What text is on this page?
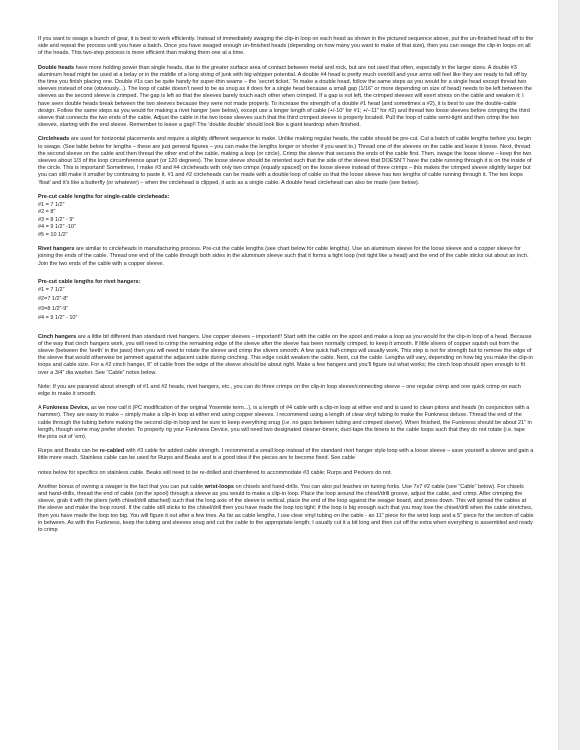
If you want to swage a bunch of gear, it is best to work efficiently. Instead of immediately swaging the clip-in loop on each head as shown in the pictured sequence above, put the un-finished head off to the side and repeat the process until you have a batch. Once you have swaged enough un-finished heads (depending on how many you want to make of that size), then you can swage the clip-in loops on all of the heads. This two-step process is more efficient than making them one at a time.

Double heads have more holding power than single heads, due to the greater surface area of contact between metal and rock, but are not used that often, especially in the larger sizes. A double #3 aluminum head might be used at a belay or in the middle of a long string of junk with big whipper potential. A double #4 head is pretty much overkill and your arms will feel like they are ready to fall off by the time you finish placing one. Double #1s can be quite handy for super-thin seams – the ‘secret ticket.’ To make a double head, follow the same steps as you would for a single head except thread two sleeves instead of one (obviously...). The loop of cable doesn’t need to be as snug as it does for a single head because a small gap (1/16” or more depending on size of head) needs to be left between the sleeves as the second sleeve is crimped. The gap is left so that the sleeves barely touch each other when crimped. If a gap is not left, the crimped sleeves will exert stress on the cable and weaken it; I have seen double heads break between the two sleeves because they were not made properly. To increase the strength of a double #1 head (and sometimes a #2), it is best to use the double-cable design. Follow the same steps as you would for making a rivet hanger (see below), except use a longer length of cable (+/-10” for #1; +/--11” for #2) and thread two loose sleeves before crimping the third sleeve that connects the two ends of the cable. Adjust the cable in the two loose sleeves such that the third crimped sleeve is properly located. Pull the loop of cable semi-tight and then crimp the two sleeves, starting with the end sleeve. Remember to leave a gap!! The ‘double double’ should look like a giant teardrop when finished.

Circleheads are used for horizontal placements and require a slightly different sequence to make. Unlike making regular heads, the cable should be pre-cut. Cut a batch of cable lengths before you begin to swage. (See table below for lengths – these are just general figures – you can make the lengths longer or shorter if you want to.) Thread one of the sleeves on the cable and leave it loose. Next, thread the second sleeve on the cable and then thread the other end of the cable, making a loop (or circle). Crimp the sleeve that secures the ends of the cable first. Then, swage the loose sleeve – keep the two sleeves about 1/3 of the loop circumference apart (or 120 degrees). The loose sleeve should be oriented such that the side of the sleeve that DOESN’T have the cable running through it is on the inside of the circle. This is important! Sometimes, I make #3 and #4 circleheads with only two crimps (equally spaced) on the loose sleeve instead of three crimps – this makes the crimped sleeve slightly larger but you can still make it smaller by continuing to paste it. #1 and #2 circleheads can be made with a double loop of cable so that the loose sleeve has two lengths of cable running through it. The two loops ‘float’ and it’s like a butterfly (or whatever) – when the circlehead is clipped, it acts as a single cable. A double head circlehead can also be made (see below).

Pre-cut cable lengths for single-cable circleheads:
#1 = 7 1/2”
#2 = 8”
#3 = 8 1/2” - 9”
#4 = 9 1/2” -10”
#5 = 10 1/2”

Rivet hangers are similar to circleheads in manufacturing process. Pre-cut the cable lengths (see chart below for cable lengths). Use an aluminum sleeve for the loose sleeve and a copper sleeve for joining the ends of the cable. Thread one end of the cable through both sides in the aluminum sleeve such that it forms a tight loop (not tight like a head) and the end of the cable sticks out about an inch. Join the two ends of the cable with a copper sleeve.

Pre-cut cable lengths for rivet hangers:
#1 = 7 1/2”
#2=7 1/2”-8”
#3=8 1/2”-9”
#4 = 9 1/2” - 10”

Cinch hangers are a little bit different than standard rivet hangers. Use copper sleeves – important!! Start with the cable on the spool and make a loop as you would for the clip-in loop of a head. Because of the way that cinch hangers work, you will need to crimp the remaining edge of the sleeve after the sleeve has been normally crimped, to keep it smooth. If little slivers of copper squish out from the sleeve (between the ‘teeth’ in the jaws) then you will need to rotate the sleeve and crimp the slivers smooth. A few quick half-crimps will usually work. This step is not for strength but to remove the edge of the sleeve that would otherwise be jammed against the adjacent cable during cinching. This edge could weaken the cable. Next, cut the cable. Lengths will vary, depending on how big you make the clip-in loops and cable size. For a #2 cinch hanger, 8” of cable from the edge of the sleeve should be about right. Make a few hangers and you’ll figure out what works; the cinch loop should open enough to fit over a 3/4” dia washer. See “Cable” notes below.

Note: If you are paranoid about strength of #1 and #2 heads, rivet hangers, etc., you can do three crimps on the clip-in loop sleeve/connecting sleeve – one regular crimp and one quick crimp on each edge to make it smooth.

A Funkness Device, as we now call it (PC modification of the original Yosemite term...), is a length of #4 cable with a clip-in loop at either end and is used to clean pitons and heads (in conjunction with a hammer). They are easy to make – simply make a clip-in loop at either end using copper sleeves. I recommend using a length of clear vinyl tubing to make the Funkness deluxe. Thread the end of the cable through the tubing before making the second clip-in loop and be sure to keep everything snug (i.e. no gaps between tubing and crimped sleeve). When finished, the Funkness should be about 21” in length, though some may prefer shorter. To properly rig your Funkness Device, you will need two designated cleaner-biners; duct-tape the biners to the cable loops such that they do not rotate (i.e. tape the pins out of ’em).

Rurps and Beaks can be re-cabled with #3 cable for added cable strength. I recommend a small loop instead of the standard rivet hanger style loop with a loose sleeve – save yourself a sleeve and gain a little more reach. Stainless cable can be used for Rurps and Beaks and is a good idea if the pieces are to become fixed. See cable

notes below for specifics on stainless cable. Beaks will need to be re-drilled and chamfered to accommodate #3 cable; Rurps and Peckers do not.

Another bonus of owning a swager is the fact that you can put cable wrist-loops on chisels and hand-drills. You can also put leashes on tuning forks. Use 7x7 #2 cable (see “Cable” below). For chisels and hand-drills, thread the end of cable (on the spool) through a sleeve as you would to make a clip-in loop. Place the loop around the chisel/drill groove, adjust the cable, and crimp. After crimping the sleeve, grab it with the pliers (with chisel/drill attached) such that the long axis of the sleeve is vertical, place the end of the loop against the swager board, and press down. This will spread the cables at the sleeve and make the loop round. If the cable still sticks to the chisel/drill then you have made the loop too tight; if the loop is big enough such that you may lose the chisel/drill when the cable stretches, then you have made the loop too big. You will figure it out after a few tries. As far as cable lengths, I use clear vinyl tubing on the cable - an 11” piece for the wrist loop and a 5” piece for the section of cable in between. As with the Funkness, keep the tubing and sleeves snug and cut the cable to the appropriate length; I usually cut it a bit long and then cut off the extra when everything is assembled and ready to crimp
